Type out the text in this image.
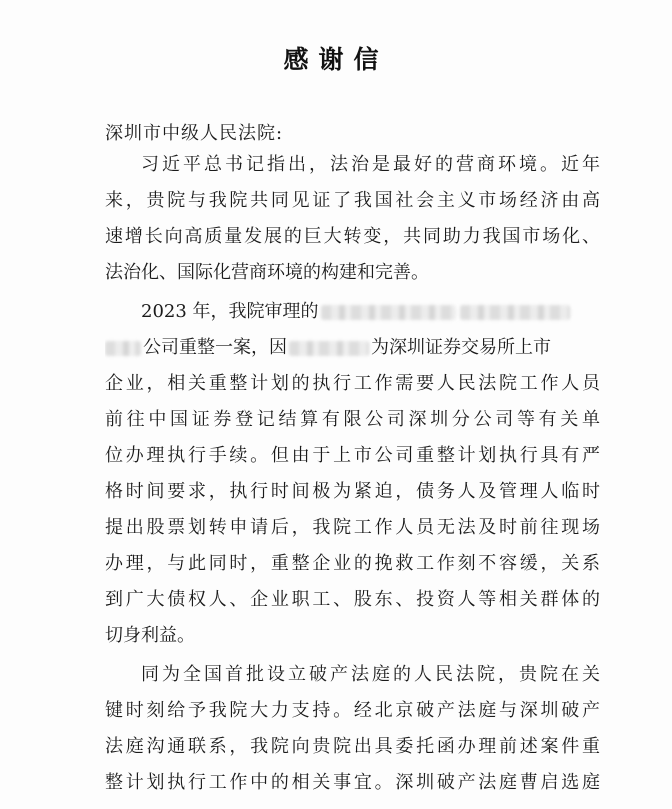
感谢信
深圳市中级人民法院:
习近平总书记指出，法治是最好的营商环境。近年
来，贵院与我院共同见证了我国社会主义市场经济由高
速增长向高质量发展的巨大转变，共同助力我国市场化、
法治化、国际化营商环境的构建和完善。
2023 年，我院审理的
公司重整一案，因	为深圳证券交易所上市
企业，相关重整计划的执行工作需要人民法院工作人员
前往中国证券登记结算有限公司深圳分公司等有关单
位办理执行手续。但由于上市公司重整计划执行具有严
格时间要求，执行时间极为紧迫，债务人及管理人临时
提出股票划转申请后，我院工作人员无法及时前往现场
办理，与此同时，重整企业的挽救工作刻不容缓，关系
到广大债权人、企业职工、股东、投资人等相关群体的
切身利益。
同为全国首批设立破产法庭的人民法院，贵院在关
键时刻给予我院大力支持。经北京破产法庭与深圳破产
法庭沟通联系，我院向贵院出具委托函办理前述案件重
整计划执行工作中的相关事宜。深圳破产法庭曹启选庭
